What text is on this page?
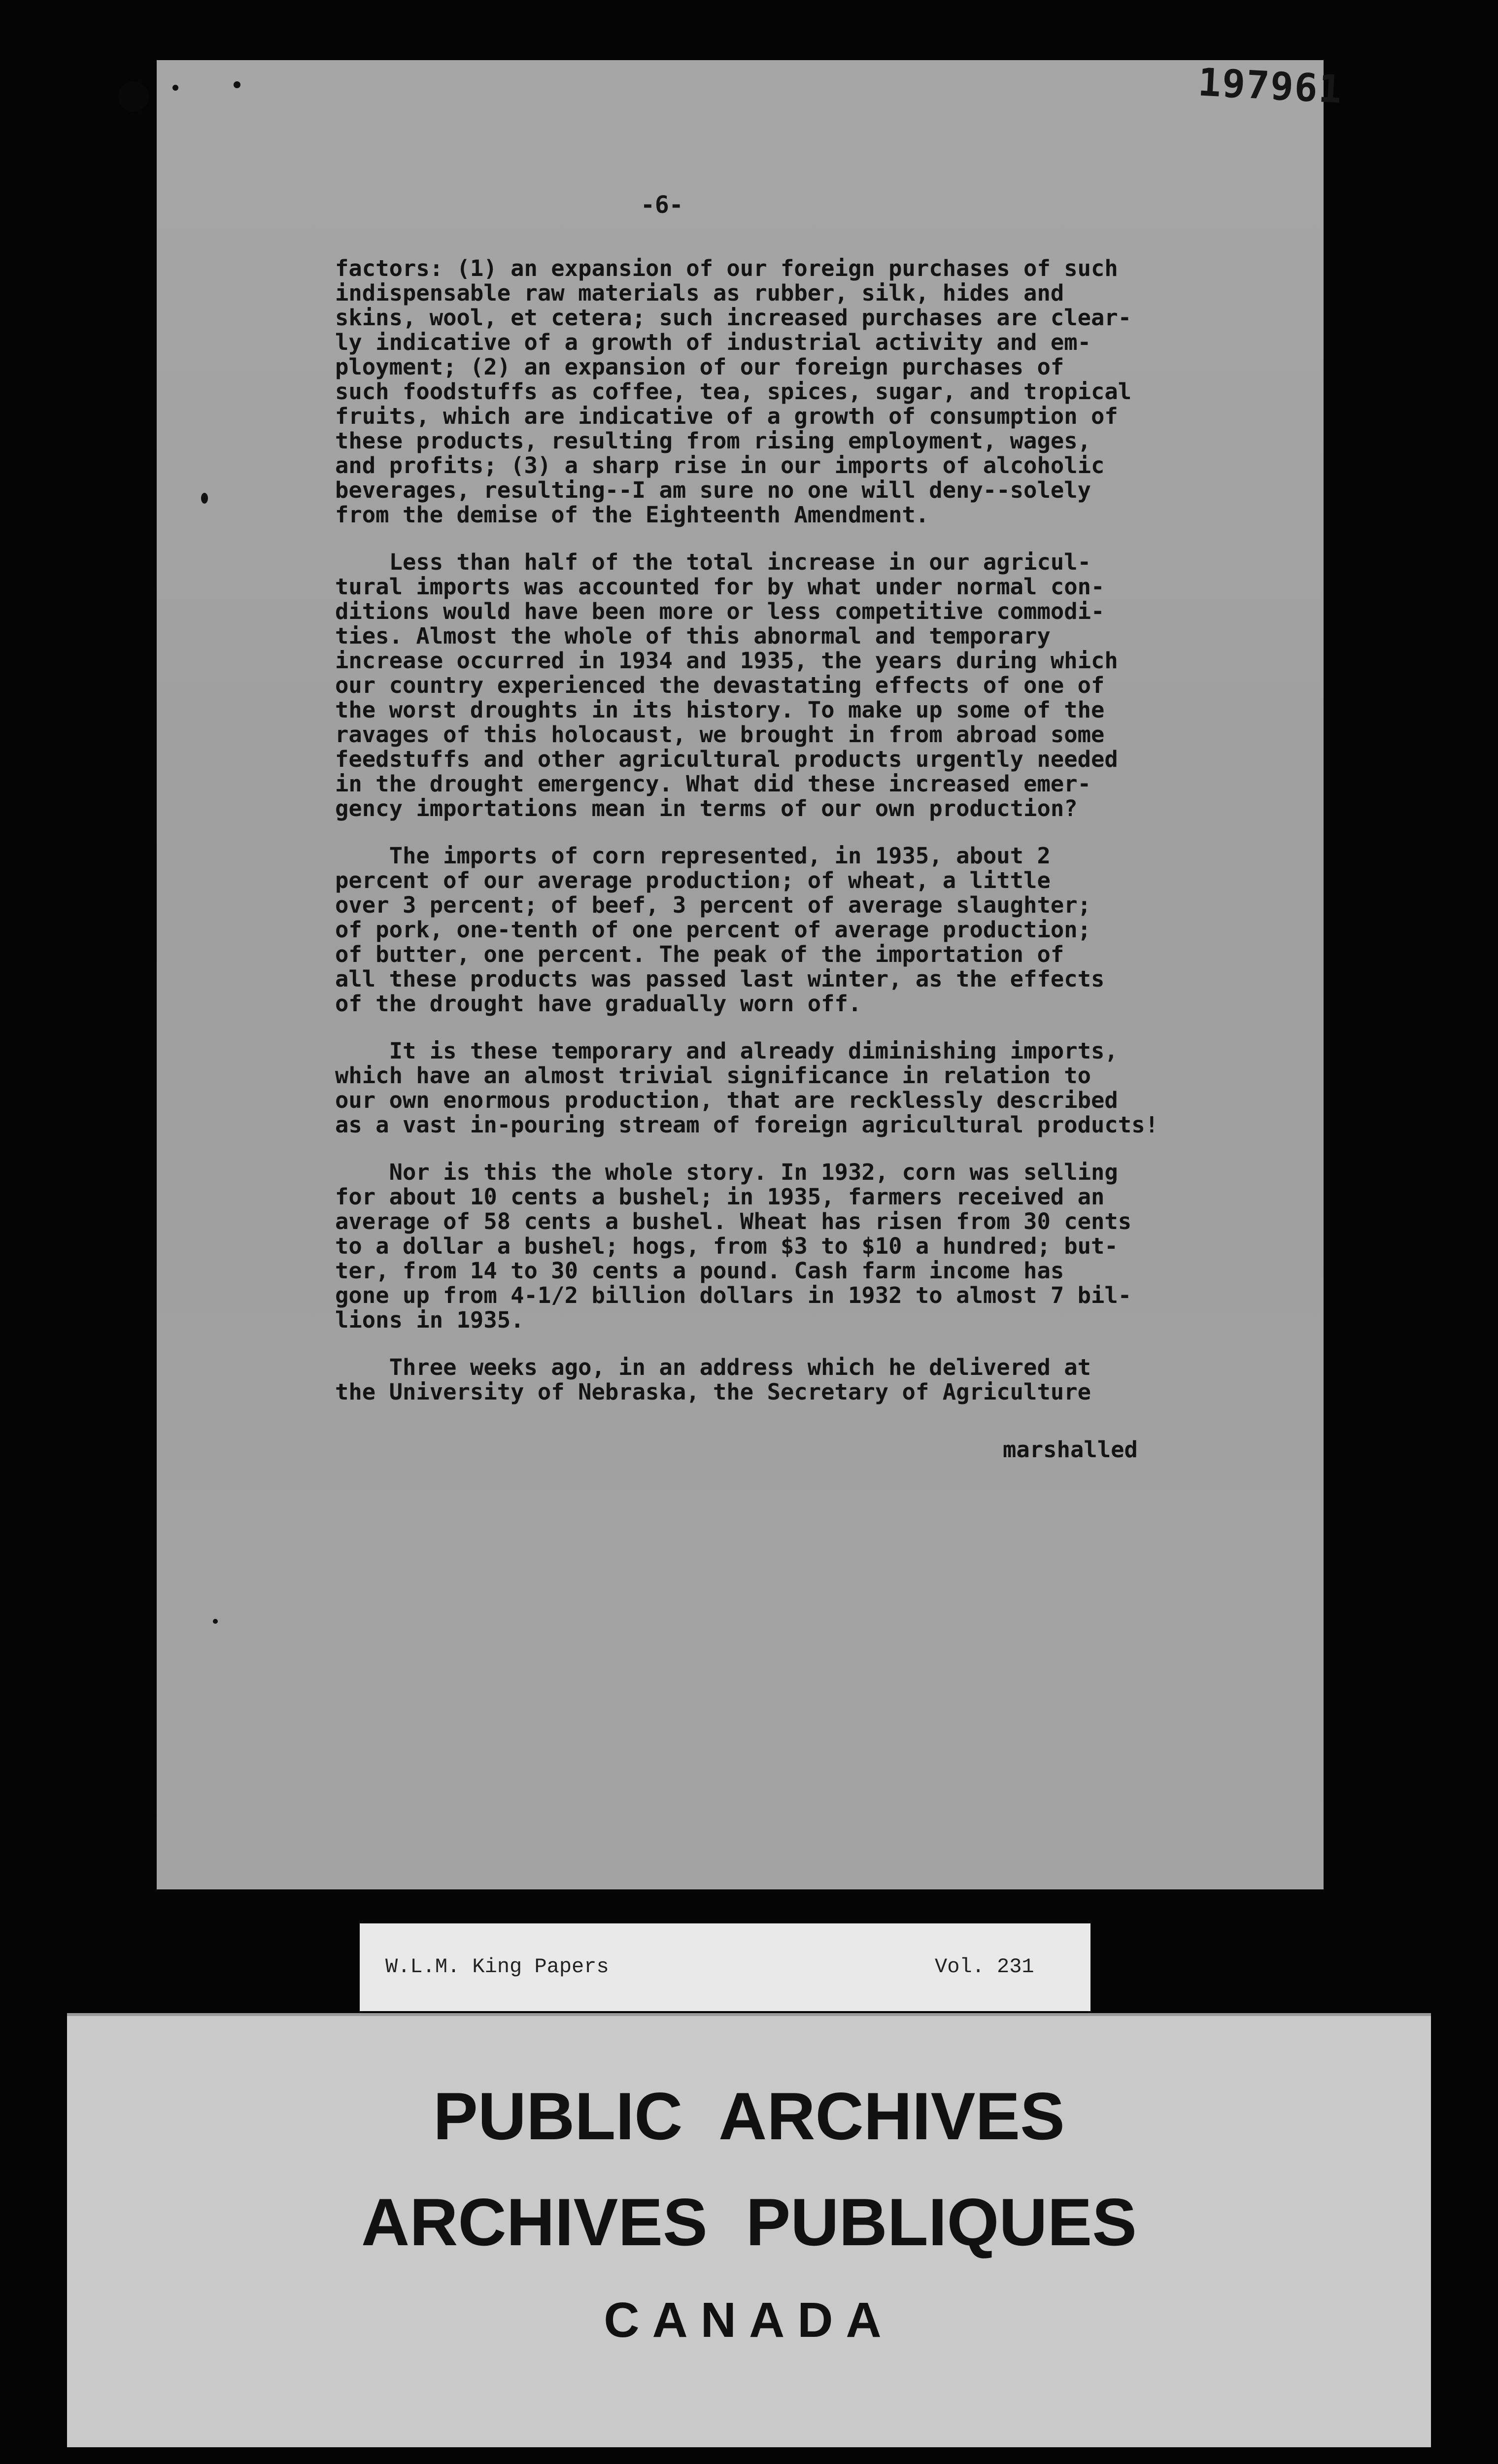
197961
-6-

factors: (1) an expansion of our foreign purchases of such
indispensable raw materials as rubber, silk, hides and
skins, wool, et cetera; such increased purchases are clear-
ly indicative of a growth of industrial activity and em-
ployment; (2) an expansion of our foreign purchases of
such foodstuffs as coffee, tea, spices, sugar, and tropical
fruits, which are indicative of a growth of consumption of
these products, resulting from rising employment, wages,
and profits; (3) a sharp rise in our imports of alcoholic
beverages, resulting--I am sure no one will deny--solely
from the demise of the Eighteenth Amendment.

Less than half of the total increase in our agricul-
tural imports was accounted for by what under normal con-
ditions would have been more or less competitive commodi-
ties. Almost the whole of this abnormal and temporary
increase occurred in 1934 and 1935, the years during which
our country experienced the devastating effects of one of
the worst droughts in its history. To make up some of the
ravages of this holocaust, we brought in from abroad some
feedstuffs and other agricultural products urgently needed
in the drought emergency. What did these increased emer-
gency importations mean in terms of our own production?

The imports of corn represented, in 1935, about 2
percent of our average production; of wheat, a little
over 3 percent; of beef, 3 percent of average slaughter;
of pork, one-tenth of one percent of average production;
of butter, one percent. The peak of the importation of
all these products was passed last winter, as the effects
of the drought have gradually worn off.

It is these temporary and already diminishing imports,
which have an almost trivial significance in relation to
our own enormous production, that are recklessly described
as a vast in-pouring stream of foreign agricultural products!

Nor is this the whole story. In 1932, corn was selling
for about 10 cents a bushel; in 1935, farmers received an
average of 58 cents a bushel. Wheat has risen from 30 cents
to a dollar a bushel; hogs, from $3 to $10 a hundred; but-
ter, from 14 to 30 cents a pound. Cash farm income has
gone up from 4-1/2 billion dollars in 1932 to almost 7 bil-
lions in 1935.

Three weeks ago, in an address which he delivered at
the University of Nebraska, the Secretary of Agriculture

marshalled
W.L.M. King Papers	Vol. 231
PUBLIC ARCHIVES
ARCHIVES PUBLIQUES
CANADA
